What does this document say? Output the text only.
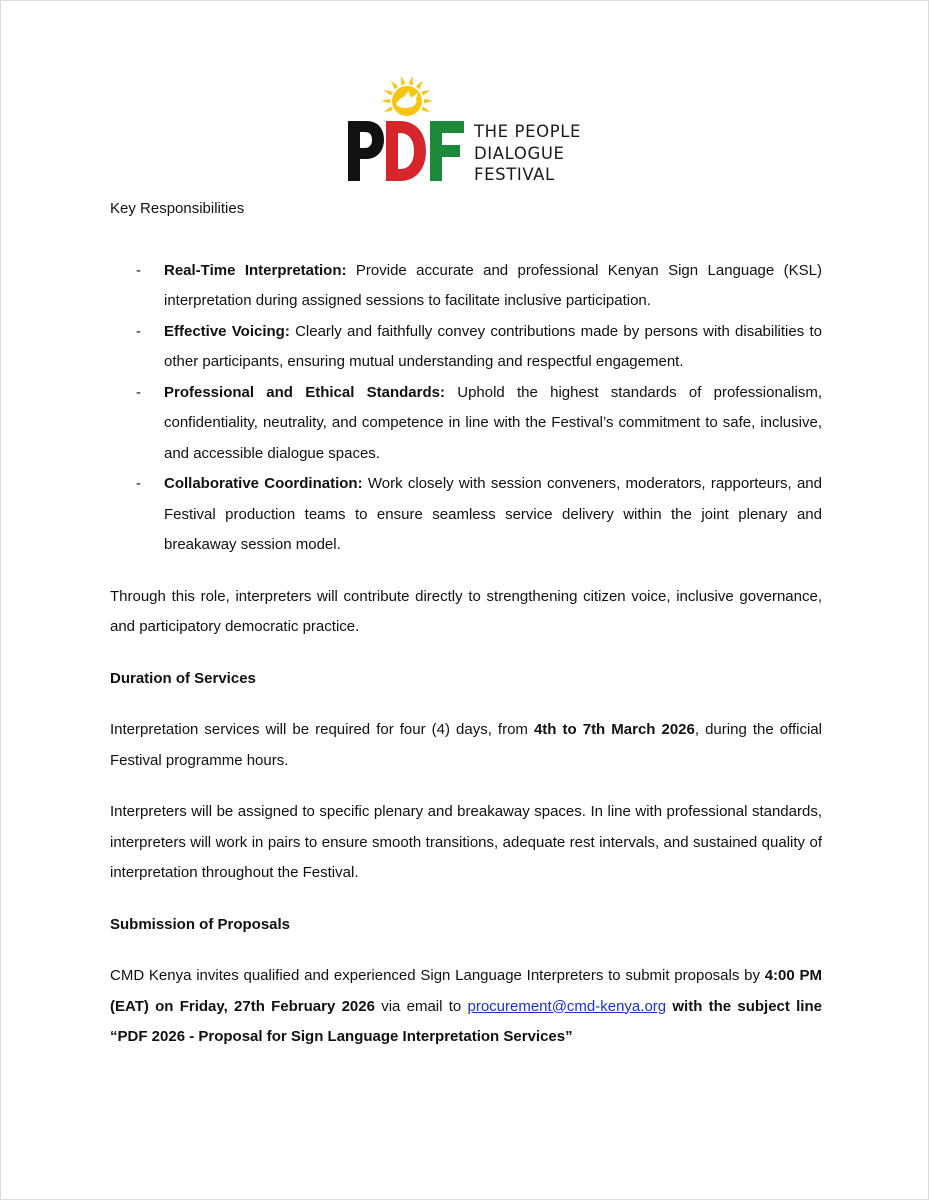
THE PEOPLE
DIALOGUE
FESTIVAL

Key Responsibilities

- Real-Time Interpretation: Provide accurate and professional Kenyan Sign Language (KSL) interpretation during assigned sessions to facilitate inclusive participation.
- Effective Voicing: Clearly and faithfully convey contributions made by persons with disabilities to other participants, ensuring mutual understanding and respectful engagement.
- Professional and Ethical Standards: Uphold the highest standards of professionalism, confidentiality, neutrality, and competence in line with the Festival’s commitment to safe, inclusive, and accessible dialogue spaces.
- Collaborative Coordination: Work closely with session conveners, moderators, rapporteurs, and Festival production teams to ensure seamless service delivery within the joint plenary and breakaway session model.

Through this role, interpreters will contribute directly to strengthening citizen voice, inclusive governance, and participatory democratic practice.

Duration of Services

Interpretation services will be required for four (4) days, from 4th to 7th March 2026, during the official Festival programme hours.

Interpreters will be assigned to specific plenary and breakaway spaces. In line with professional standards, interpreters will work in pairs to ensure smooth transitions, adequate rest intervals, and sustained quality of interpretation throughout the Festival.

Submission of Proposals

CMD Kenya invites qualified and experienced Sign Language Interpreters to submit proposals by 4:00 PM (EAT) on Friday, 27th February 2026 via email to procurement@cmd-kenya.org with the subject line “PDF 2026 - Proposal for Sign Language Interpretation Services”
